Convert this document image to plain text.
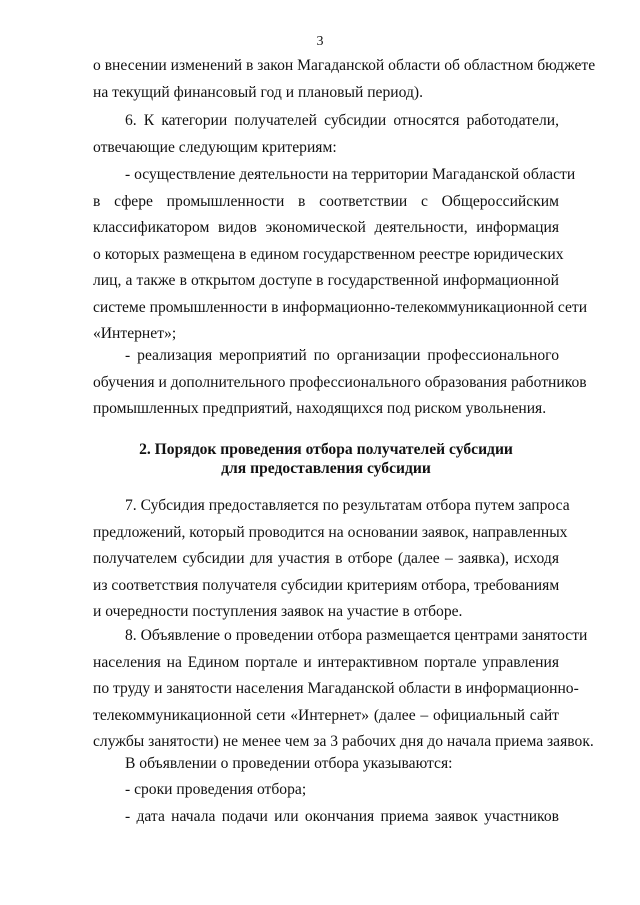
3
о внесении изменений в закон Магаданской области об областном бюджете
на текущий финансовый год и плановый период).
6. К категории получателей субсидии относятся работодатели,
отвечающие следующим критериям:
- осуществление деятельности на территории Магаданской области
в сфере промышленности в соответствии с Общероссийским
классификатором видов экономической деятельности, информация
о которых размещена в едином государственном реестре юридических
лиц, а также в открытом доступе в государственной информационной
системе промышленности в информационно-телекоммуникационной сети
«Интернет»;
- реализация мероприятий по организации профессионального
обучения и дополнительного профессионального образования работников
промышленных предприятий, находящихся под риском увольнения.
2. Порядок проведения отбора получателей субсидии
для предоставления субсидии
7. Субсидия предоставляется по результатам отбора путем запроса
предложений, который проводится на основании заявок, направленных
получателем субсидии для участия в отборе (далее – заявка), исходя
из соответствия получателя субсидии критериям отбора, требованиям
и очередности поступления заявок на участие в отборе.
8. Объявление о проведении отбора размещается центрами занятости
населения на Едином портале и интерактивном портале управления
по труду и занятости населения Магаданской области в информационно-
телекоммуникационной сети «Интернет» (далее – официальный сайт
службы занятости) не менее чем за 3 рабочих дня до начала приема заявок.
В объявлении о проведении отбора указываются:
- сроки проведения отбора;
- дата начала подачи или окончания приема заявок участников
